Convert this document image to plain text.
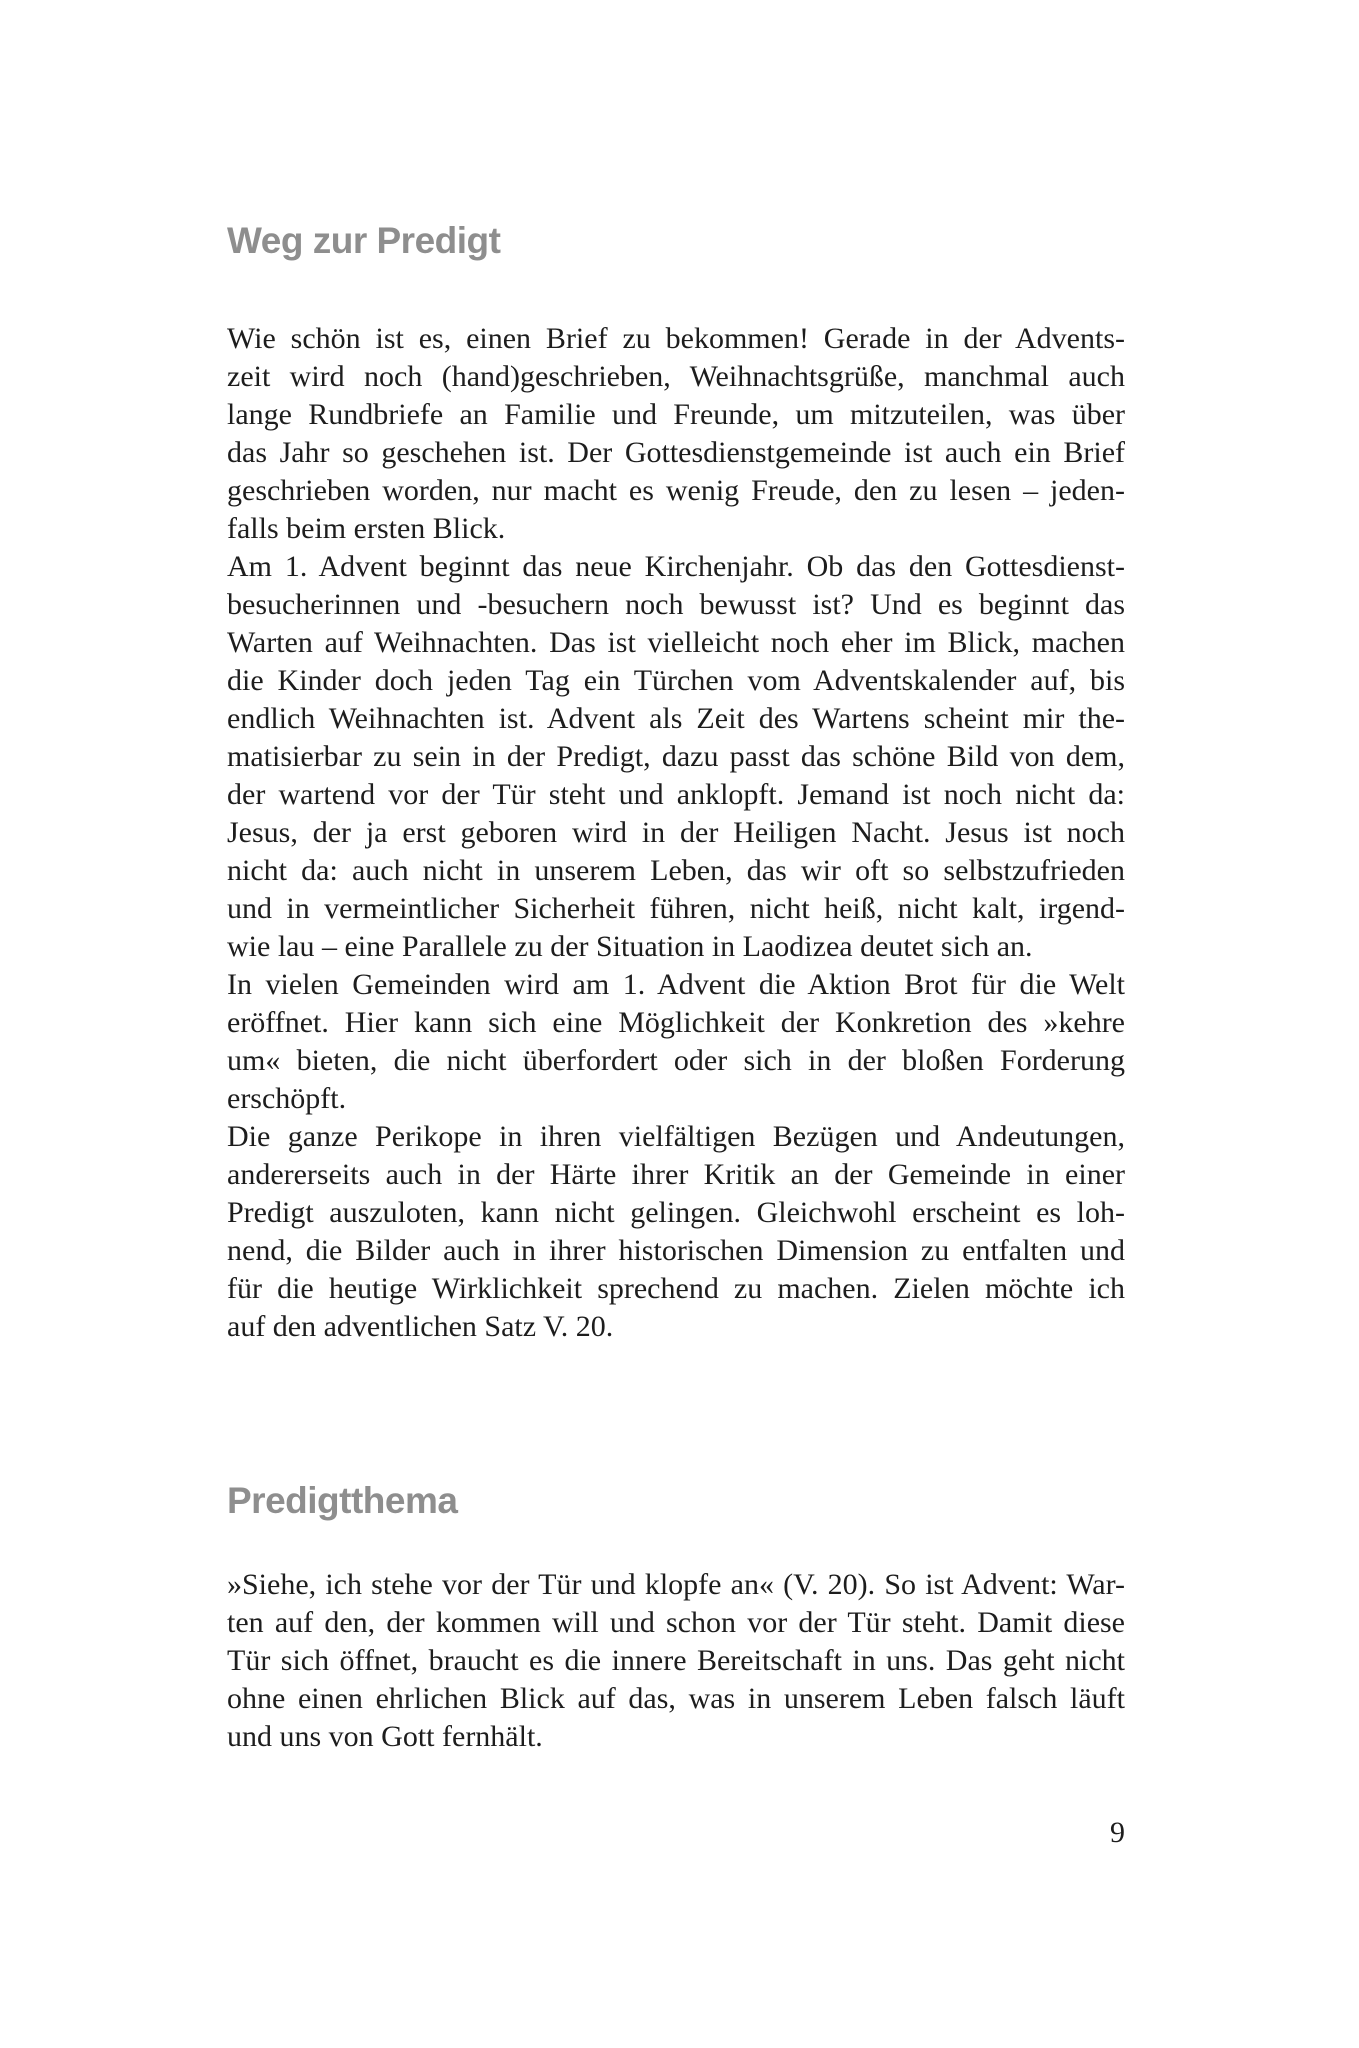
Weg zur Predigt
Wie schön ist es, einen Brief zu bekommen! Gerade in der Advents-
zeit wird noch (hand)geschrieben, Weihnachtsgrüße, manchmal auch
lange Rundbriefe an Familie und Freunde, um mitzuteilen, was über
das Jahr so geschehen ist. Der Gottesdienstgemeinde ist auch ein Brief
geschrieben worden, nur macht es wenig Freude, den zu lesen – jeden-
falls beim ersten Blick.
Am 1. Advent beginnt das neue Kirchenjahr. Ob das den Gottesdienst-
besucherinnen und -besuchern noch bewusst ist? Und es beginnt das
Warten auf Weihnachten. Das ist vielleicht noch eher im Blick, machen
die Kinder doch jeden Tag ein Türchen vom Adventskalender auf, bis
endlich Weihnachten ist. Advent als Zeit des Wartens scheint mir the-
matisierbar zu sein in der Predigt, dazu passt das schöne Bild von dem,
der wartend vor der Tür steht und anklopft. Jemand ist noch nicht da:
Jesus, der ja erst geboren wird in der Heiligen Nacht. Jesus ist noch
nicht da: auch nicht in unserem Leben, das wir oft so selbstzufrieden
und in vermeintlicher Sicherheit führen, nicht heiß, nicht kalt, irgend-
wie lau – eine Parallele zu der Situation in Laodizea deutet sich an.
In vielen Gemeinden wird am 1. Advent die Aktion Brot für die Welt
eröffnet. Hier kann sich eine Möglichkeit der Konkretion des »kehre
um« bieten, die nicht überfordert oder sich in der bloßen Forderung
erschöpft.
Die ganze Perikope in ihren vielfältigen Bezügen und Andeutungen,
andererseits auch in der Härte ihrer Kritik an der Gemeinde in einer
Predigt auszuloten, kann nicht gelingen. Gleichwohl erscheint es loh-
nend, die Bilder auch in ihrer historischen Dimension zu entfalten und
für die heutige Wirklichkeit sprechend zu machen. Zielen möchte ich
auf den adventlichen Satz V. 20.
Predigtthema
»Siehe, ich stehe vor der Tür und klopfe an« (V. 20). So ist Advent: War-
ten auf den, der kommen will und schon vor der Tür steht. Damit diese
Tür sich öffnet, braucht es die innere Bereitschaft in uns. Das geht nicht
ohne einen ehrlichen Blick auf das, was in unserem Leben falsch läuft
und uns von Gott fernhält.
9
